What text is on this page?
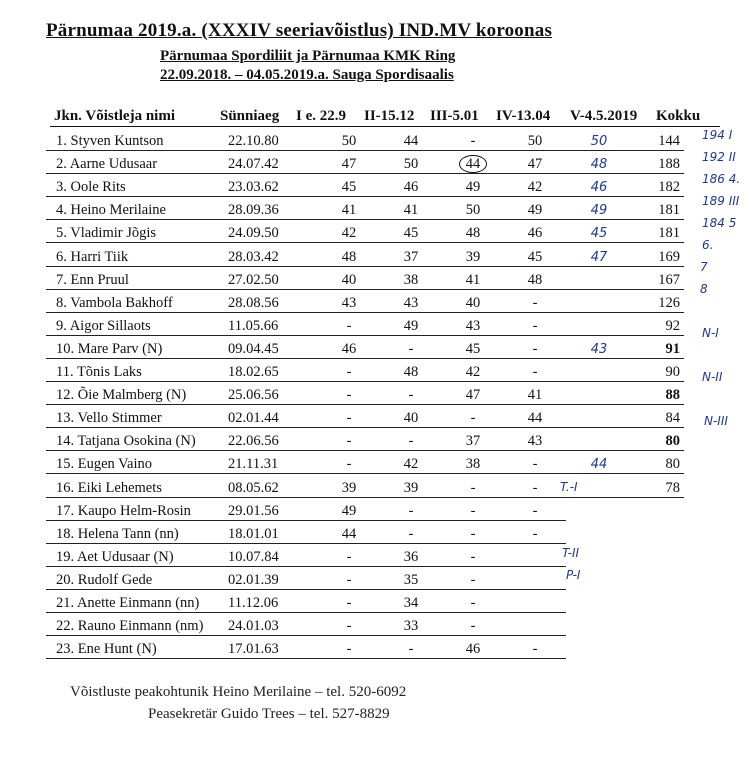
Pärnumaa 2019.a. (XXXIV seeriavõistlus) IND.MV koroonas
Pärnumaa Spordiliit ja Pärnumaa KMK Ring
22.09.2018. – 04.05.2019.a. Sauga Spordisaalis
Jkn. Võistleja nimi	Sünniaeg I e. 22.9 II-15.12 III-5.01 IV-13.04 V-4.5.2019 Kokku
1. Styven Kuntson	22.10.80	50	44	-	50	50	144
2. Aarne Udusaar	24.07.42	47	50	44	47	48	188
3. Oole Rits	23.03.62	45	46	49	42	46	182
4. Heino Merilaine	28.09.36	41	41	50	49	49	181
5. Vladimir Jõgis	24.09.50	42	45	48	46	45	181
6. Harri Tiik	28.03.42	48	37	39	45	47	169
7. Enn Pruul	27.02.50	40	38	41	48		167
8. Vambola Bakhoff	28.08.56	43	43	40	-		126
9. Aigor Sillaots	11.05.66	-	49	43	-		92
10. Mare Parv (N)	09.04.45	46	-	45	-	43	91
11. Tõnis Laks	18.02.65	-	48	42	-		90
12. Õie Malmberg (N)	25.06.56	-	-	47	41		88
13. Vello Stimmer	02.01.44	-	40	-	44		84
14. Tatjana Osokina (N)	22.06.56	-	-	37	43		80
15. Eugen Vaino	21.11.31	-	42	38	-	44	80
16. Eiki Lehemets	08.05.62	39	39	-	-		78
17. Kaupo Helm-Rosin	29.01.56	49	-	-	-		
18. Helena Tann (nn)	18.01.01	44	-	-	-		
19. Aet Udusaar (N)	10.07.84	-	36	-			
20. Rudolf Gede	02.01.39	-	35	-			
21. Anette Einmann (nn)	11.12.06	-	34	-			
22. Rauno Einmann (nm)	24.01.03	-	33	-			
23. Ene Hunt (N)	17.01.63	-	-	46	-		
Võistluste peakohtunik Heino Merilaine – tel. 520-6092
Peasekretär Guido Trees – tel. 527-8829
194 I
192 II
186 4.
189 III
184 5
6.
7
8
N-I
N-II
N-III
T.-I
T-II
P-I
